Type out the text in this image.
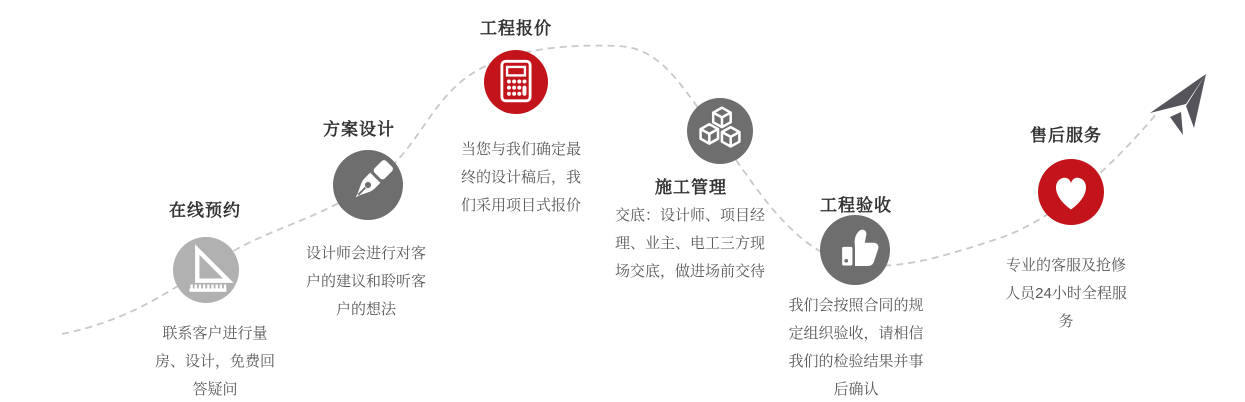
在线预约
联系客户进行量
房、设计，免费回
答疑问
方案设计
设计师会进行对客
户的建议和聆听客
户的想法
工程报价
当您与我们确定最
终的设计稿后，我
们采用项目式报价
施工管理
交底：设计师、项目经
理、业主、电工三方现
场交底，做进场前交待
工程验收
我们会按照合同的规
定组织验收，请相信
我们的检验结果并事
后确认
售后服务
专业的客服及抢修
人员24小时全程服
务
